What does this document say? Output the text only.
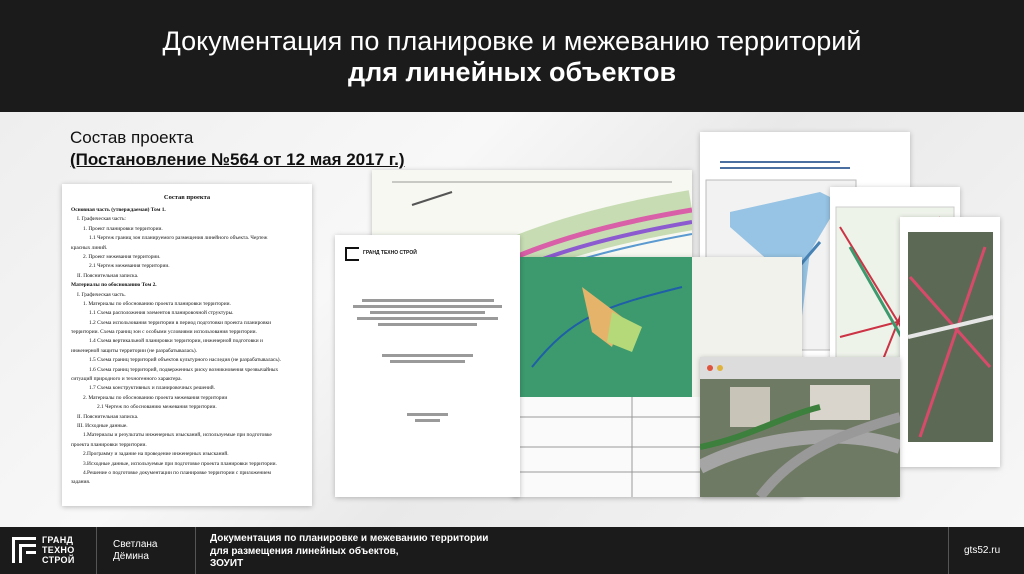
Документация по планировке и межеванию территорий
для линейных объектов
Состав проекта
(Постановление №564 от 12 мая 2017 г.)
ГРАНД ТЕХНО СТРОЙ
Состав проекта
Основная часть (утверждаемая) Том 1.
I. Графическая часть:
1. Проект планировки территории.
1.1 Чертеж границ зон планируемого размещения линейного объекта. Чертеж
красных линий.
2. Проект межевания территории.
2.1 Чертеж межевания территории.
II. Пояснительная записка.
Материалы по обоснованию Том 2.
I. Графическая часть.
1. Материалы по обоснованию проекта планировки территории.
1.1 Схема расположения элементов планировочной структуры.
1.2 Схема использования территории в период подготовки проекта планировки
территории. Схема границ зон с особыми условиями использования территории.
1.4 Схема вертикальной планировки территории, инженерной подготовки и
инженерной защиты территории (не разрабатывалась).
1.5 Схема границ территорий объектов культурного наследия (не разрабатывалась).
1.6 Схема границ территорий, подверженных риску возникновения чрезвычайных
ситуаций природного и техногенного характера.
1.7 Схема конструктивных и планировочных решений.
2. Материалы по обоснованию проекта межевания территории
2.1 Чертеж по обоснованию межевания территории.
II. Пояснительная записка.
III. Исходные данные.
1.Материалы и результаты инженерных изысканий, используемые при подготовке
проекта планировки территории.
2.Программу и задание на проведение инженерных изысканий.
3.Исходные данные, используемые при подготовке проекта планировки территории.
4.Решение о подготовке документации по планировке территории с приложением
задания.
ГРАНД
ТЕХНО
СТРОЙ
Светлана
Дёмина
Документация по планировке и межеванию территории
для размещения линейных объектов,
ЗОУИТ
gts52.ru
